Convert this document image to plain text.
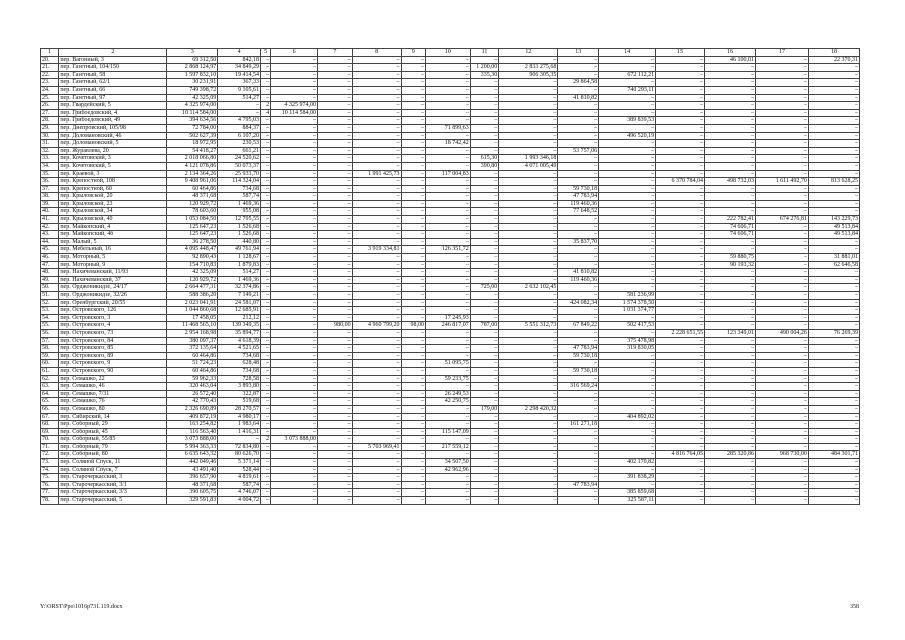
1	2	3	4	5	6	7	8	9	10	11	12	13	14	15	16	17	18
20.	пер. Вагонный, 3	69 312,50	842,18	–	–	–	–	–	–	–	–	–	–	–	46 100,01	–	22 370,31
21.	пер. Газетный, 104/150	2 868 124,97	34 849,29	–	–	–	–	–	–	1 200,00	2 833 275,68	–	–	–	–	–	–
22.	пер. Газетный, 58	1 597 832,10	19 414,54	–	–	–	–	–	–	335,30	906 305,35	–	672 112,21	–	–	–	–
23.	пер. Газетный, 62/1	30 231,91	367,33	–	–	–	–	–	–	–	–	29 864,58	–	–	–	–	–
24.	пер. Газетный, 66	749 398,72	9 105,61	–	–	–	–	–	–	–	–	–	740 293,11	–	–	–	–
25.	пер. Газетный, 97	42 325,09	514,27	–	–	–	–	–	–	–	–	41 810,82	–	–	–	–	–
26.	пер. Гвардейский, 5	4 325 974,00	–	2	4 325 974,00	–	–	–	–	–	–	–	–	–	–	–	–
27.	пер. Грибоедовский, 4	10 114 584,00	–	4	10 114 584,00	–	–	–	–	–	–	–	–	–	–	–	–
28.	пер. Грибоедовский, 49	394 634,56	4 795,03	–	–	–	–	–	–	–	–	–	389 839,53	–	–	–	–
29.	пер. Днепровский, 105/98	72 784,00	884,37	–	–	–	–	–	71 899,63	–	–	–	–	–	–	–	–
30.	пер. Доломановский, 46	502 627,39	6 107,20	–	–	–	–	–	–	–	–	–	496 520,19	–	–	–	–
31.	пер. Доломановский, 5	18 972,95	230,53	–	–	–	–	–	18 742,42	–	–	–	–	–	–	–	–
32.	пер. Журавлева, 20	54 418,27	661,21	–	–	–	–	–	–	–	–	53 757,06	–	–	–	–	–
33.	пер. Кочетовский, 3	2 018 066,80	24 520,62	–	–	–	–	–	–	615,30	1 993 346,18	–	–	–	–	–	–
34.	пер. Кочетовский, 5	4 121 078,86	50 073,37	–	–	–	–	–	–	390,80	4 071 005,49	–	–	–	–	–	–
35.	пер. Краевой, 3	2 134 364,26	25 933,70	–	–	–	1 991 425,73	–	117 004,83	–	–	–	–	–	–	–	–
36.	пер. Крепостной, 108	9 408 961,06	114 324,04	–	–	–	–	–	–	–	–	–	–	6 370 784,04	498 732,03	1 611 492,70	813 628,25
37.	пер. Крепостной, 60	60 464,86	734,68	–	–	–	–	–	–	–	–	59 730,18	–	–	–	–	–
38.	пер. Крыловской, 20	48 371,68	587,74	–	–	–	–	–	–	–	–	47 783,94	–	–	–	–	–
39.	пер. Крыловской, 23	120 929,72	1 469,36	–	–	–	–	–	–	–	–	119 460,36	–	–	–	–	–
40.	пер. Крыловской, 34	78 603,60	955,08	–	–	–	–	–	–	–	–	77 648,52	–	–	–	–	–
41.	пер. Крыловской, 40	1 053 084,50	12 795,55	–	–	–	–	–	–	–	–	–	–	–	222 782,41	674 276,81	143 229,73
42.	пер. Майкопский, 4	125 647,23	1 526,68	–	–	–	–	–	–	–	–	–	–	–	74 606,71	–	49 513,84
43.	пер. Майкопский, 4б	125 647,23	1 526,68	–	–	–	–	–	–	–	–	–	–	–	74 606,71	–	49 513,84
44.	пер. Малый, 5	36 278,50	440,80	–	–	–	–	–	–	–	–	35 837,70	–	–	–	–	–
45.	пер. Мебельный, 16	4 095 448,47	49 761,94	–	–	–	3 919 334,81	–	126 351,72	–	–	–	–	–	–	–	–
46.	пер. Моторный, 5	92 890,43	1 128,67	–	–	–	–	–	–	–	–	–	–	–	59 880,75	–	31 881,01
47.	пер. Моторный, 9	154 710,83	1 879,83	–	–	–	–	–	–	–	–	–	–	–	90 193,32	–	62 646,58
48.	пер. Нахичеванский, 11/93	42 325,09	514,27	–	–	–	–	–	–	–	–	41 810,82	–	–	–	–	–
49.	пер. Нахичеванский, 37	120 929,72	1 469,36	–	–	–	–	–	–	–	–	119 460,36	–	–	–	–	–
50.	пер. Орджоникидзе, 24/17	2 664 477,31	32 374,86	–	–	–	–	–	–	725,00	2 632 102,45	–	–	–	–	–	–
51.	пер. Орджоникидзе, 32/26	588 386,20	7 149,21	–	–	–	–	–	–	–	–	–	581 236,99	–	–	–	–
52.	пер. Оренбургский, 20/55	2 023 041,91	24 581,07	–	–	–	–	–	–	–	–	424 082,34	1 574 378,50	–	–	–	–
53.	пер. Островского, 126	1 044 860,68	12 685,91	–	–	–	–	–	–	–	–	–	1 031 374,77	–	–	–	–
54.	пер. Островского, 3	17 458,05	212,12	–	–	–	–	–	17 245,93	–	–	–	–	–	–	–	–
55.	пер. Островского, 4	11 468 565,10	139 349,35	–	–	980,00	4 960 799,20	98,00	246 817,07	787,00	5 551 312,73	67 849,22	502 417,53	–	–	–	–
56.	пер. Островского, 73	2 954 168,98	35 894,77	–	–	–	–	–	–	–	–	–	–	2 228 651,55	123 349,01	490 004,26	76 269,39
57.	пер. Островского, 84	380 097,37	4 618,39	–	–	–	–	–	–	–	–	–	375 478,98	–	–	–	–
58.	пер. Островского, 85	372 135,64	4 521,65	–	–	–	–	–	–	–	–	47 783,94	319 830,05	–	–	–	–
59.	пер. Островского, 89	60 464,86	734,68	–	–	–	–	–	–	–	–	59 730,18	–	–	–	–	–
60.	пер. Островского, 9	51 724,23	628,48	–	–	–	–	–	51 095,75	–	–	–	–	–	–	–	–
61.	пер. Островского, 90	60 464,86	734,68	–	–	–	–	–	–	–	–	59 730,18	–	–	–	–	–
62.	пер. Семашко, 22	59 962,33	728,58	–	–	–	–	–	59 233,75	–	–	–	–	–	–	–	–
63.	пер. Семашко, 46	320 463,04	3 893,80	–	–	–	–	–	–	–	–	316 569,24	–	–	–	–	–
64.	пер. Семашко, 7/31	26 572,40	322,87	–	–	–	–	–	26 249,53	–	–	–	–	–	–	–	–
65.	пер. Семашко, 76	42 770,43	519,68	–	–	–	–	–	42 250,75	–	–	–	–	–	–	–	–
66.	пер. Семашко, 80	2 326 690,89	28 270,57	–	–	–	–	–	–	179,00	2 298 420,32	–	–	–	–	–	–
67.	пер. Сибирский, 14	409 872,19	4 980,17	–	–	–	–	–	–	–	–	–	404 892,02	–	–	–	–
68.	пер. Соборный, 29	163 254,82	1 983,64	–	–	–	–	–	–	–	–	161 271,18	–	–	–	–	–
69.	пер. Соборный, 45	116 563,40	1 416,31	–	–	–	–	–	115 147,09	–	–	–	–	–	–	–	–
70.	пер. Соборный, 55/85	3 073 888,00	–	2	3 073 888,00	–	–	–	–	–	–	–	–	–	–	–	–
71.	пер. Соборный, 79	5 994 363,33	72 834,80	–	–	–	5 703 969,41	–	217 559,12	–	–	–	–	–	–	–	–
72.	пер. Соборный, 80	6 635 643,32	80 626,70	–	–	–	–	–	–	–	–	–	–	4 816 764,05	285 320,86	968 730,00	484 301,71
73.	пер. Соляной Спуск, 11	442 049,46	5 371,14	–	–	–	–	–	34 507,50	–	–	–	402 170,82	–	–	–	–
74.	пер. Соляной Спуск, 7	43 491,40	528,44	–	–	–	–	–	42 962,96	–	–	–	–	–	–	–	–
75.	пер. Старочеркасский, 3	396 657,90	4 819,61	–	–	–	–	–	–	–	–	–	391 838,29	–	–	–	–
76.	пер. Старочеркасский, 3/1	48 371,68	587,74	–	–	–	–	–	–	–	–	47 783,94	–	–	–	–	–
77.	пер. Старочеркасский, 3/3	390 605,75	4 746,07	–	–	–	–	–	–	–	–	–	385 859,68	–	–	–	–
78.	пер. Старочеркасский, 5	329 591,83	4 004,72	–	–	–	–	–	–	–	–	–	325 587,11	–	–	–	–
Y:\ORST\Ppo\1016p731.119.docx	358
